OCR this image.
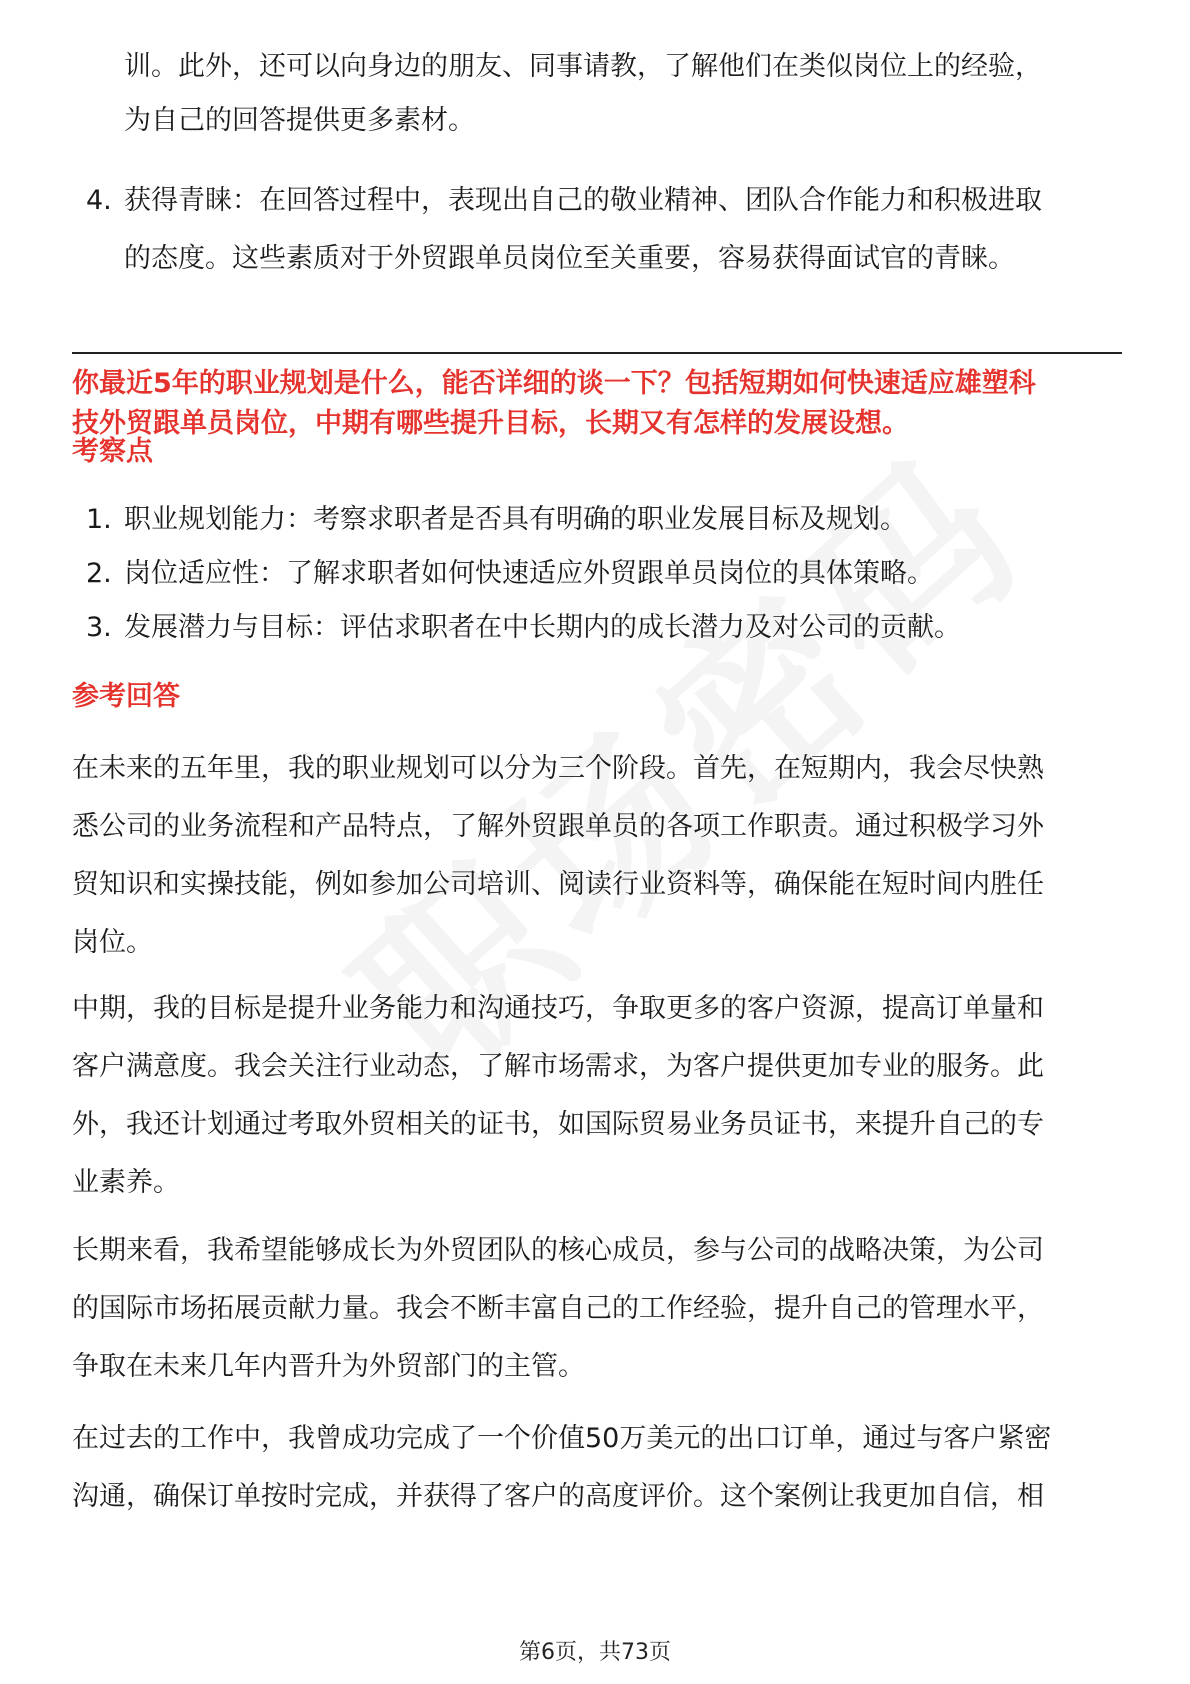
训。此外，还可以向身边的朋友、同事请教，了解他们在类似岗位上的经验，
为自己的回答提供更多素材。
4. 获得青睐：在回答过程中，表现出自己的敬业精神、团队合作能力和积极进取
的态度。这些素质对于外贸跟单员岗位至关重要，容易获得面试官的青睐。
你最近5年的职业规划是什么，能否详细的谈一下？包括短期如何快速适应雄塑科
技外贸跟单员岗位，中期有哪些提升目标，长期又有怎样的发展设想。
考察点
1. 职业规划能力：考察求职者是否具有明确的职业发展目标及规划。
2. 岗位适应性：了解求职者如何快速适应外贸跟单员岗位的具体策略。
3. 发展潜力与目标：评估求职者在中长期内的成长潜力及对公司的贡献。
参考回答
在未来的五年里，我的职业规划可以分为三个阶段。首先，在短期内，我会尽快熟
悉公司的业务流程和产品特点，了解外贸跟单员的各项工作职责。通过积极学习外
贸知识和实操技能，例如参加公司培训、阅读行业资料等，确保能在短时间内胜任
岗位。
中期，我的目标是提升业务能力和沟通技巧，争取更多的客户资源，提高订单量和
客户满意度。我会关注行业动态，了解市场需求，为客户提供更加专业的服务。此
外，我还计划通过考取外贸相关的证书，如国际贸易业务员证书，来提升自己的专
业素养。
长期来看，我希望能够成长为外贸团队的核心成员，参与公司的战略决策，为公司
的国际市场拓展贡献力量。我会不断丰富自己的工作经验，提升自己的管理水平，
争取在未来几年内晋升为外贸部门的主管。
在过去的工作中，我曾成功完成了一个价值50万美元的出口订单，通过与客户紧密
沟通，确保订单按时完成，并获得了客户的高度评价。这个案例让我更加自信，相
第6页，共73页
